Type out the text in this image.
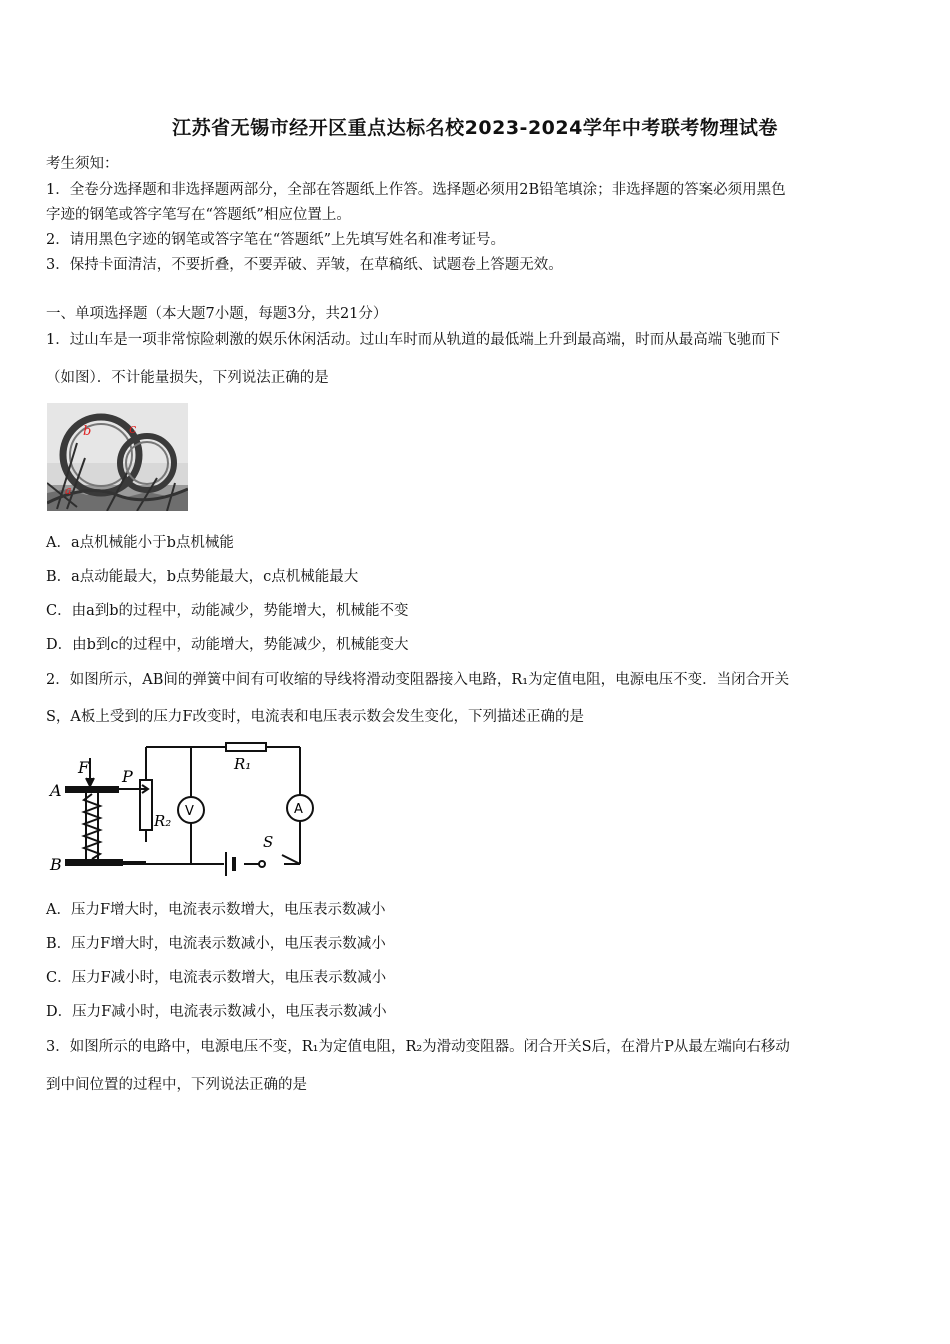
江苏省无锡市经开区重点达标名校2023-2024学年中考联考物理试卷
考生须知：
1．全卷分选择题和非选择题两部分，全部在答题纸上作答。选择题必须用2B铅笔填涂；非选择题的答案必须用黑色
字迹的钢笔或答字笔写在“答题纸”相应位置上。
2．请用黑色字迹的钢笔或答字笔在“答题纸”上先填写姓名和准考证号。
3．保持卡面清洁，不要折叠，不要弄破、弄皱，在草稿纸、试题卷上答题无效。
一、单项选择题（本大题7小题，每题3分，共21分）
1．过山车是一项非常惊险刺激的娱乐休闲活动。过山车时而从轨道的最低端上升到最高端，时而从最高端飞驰而下
（如图）．不计能量损失，下列说法正确的是
b	c
a
A．a点机械能小于b点机械能
B．a点动能最大，b点势能最大，c点机械能最大
C．由a到b的过程中，动能减少，势能增大，机械能不变
D．由b到c的过程中，动能增大，势能减少，机械能变大
2．如图所示，AB间的弹簧中间有可收缩的导线将滑动变阻器接入电路，R₁为定值电阻，电源电压不变．当闭合开关
S，A板上受到的压力F改变时，电流表和电压表示数会发生变化，下列描述正确的是
F
A
B
P
R₁
R₂
V	A
S
A．压力F增大时，电流表示数增大，电压表示数减小
B．压力F增大时，电流表示数减小，电压表示数减小
C．压力F减小时，电流表示数增大，电压表示数减小
D．压力F减小时，电流表示数减小，电压表示数减小
3．如图所示的电路中，电源电压不变，R₁为定值电阻，R₂为滑动变阻器。闭合开关S后，在滑片P从最左端向右移动
到中间位置的过程中，下列说法正确的是
